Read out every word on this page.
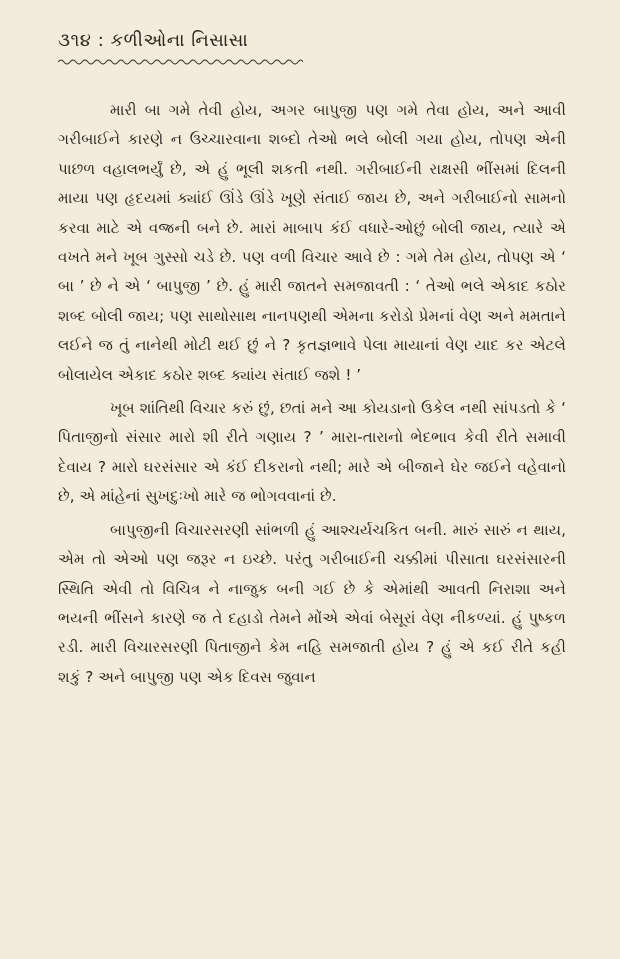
૩૧૪ : કળીઓના નિસાસા

મારી બા ગમે તેવી હોય, અગર બાપુજી પણ ગમે તેવા હોય, અને આવી ગરીબાઈને કારણે ન ઉચ્ચારવાના શબ્દો તેઓ ભલે બોલી ગયા હોય, તોપણ એની પાછળ વહાલભર્યું છે, એ હું ભૂલી શકતી નથી. ગરીબાઈની રાક્ષસી ભીંસમાં દિલની માયા પણ હૃદયમાં ક્યાંઈ ઊંડે ઊંડે ખૂણે સંતાઈ જાય છે, અને ગરીબાઈનો સામનો કરવા માટે એ વજ્રની બને છે. મારાં માબાપ કંઈ વધારે-ઓછું બોલી જાય, ત્યારે એ વખતે મને ખૂબ ગુસ્સો ચડે છે. પણ વળી વિચાર આવે છે : ગમે તેમ હોય, તોપણ એ ‘ બા ’ છે ને એ ‘ બાપુજી ’ છે. હું મારી જાતને સમજાવતી : ‘ તેઓ ભલે એકાદ કઠોર શબ્દ બોલી જાય; પણ સાથોસાથ નાનપણથી એમના કરોડો પ્રેમનાં વેણ અને મમતાને લઈને જ તું નાનેથી મોટી થઈ છું ને ? કૃતજ્ઞભાવે પેલા માયાનાં વેણ યાદ કર એટલે બોલાયેલ એકાદ કઠોર શબ્દ ક્યાંય સંતાઈ જશે ! ’

ખૂબ શાંતિથી વિચાર કરું છું, છતાં મને આ કોયડાનો ઉકેલ નથી સાંપડતો કે ‘ પિતાજીનો સંસાર મારો શી રીતે ગણાય ? ’ મારા-તારાનો ભેદભાવ કેવી રીતે સમાવી દેવાય ? મારો ઘરસંસાર એ કંઈ દીકરાનો નથી; મારે એ બીજાને ઘેર જઈને વહેવાનો છે, એ માંહેનાં સુખદુઃખો મારે જ ભોગવવાનાં છે.

બાપુજીની વિચારસરણી સાંભળી હું આશ્ચર્યચકિત બની. મારું સારું ન થાય, એમ તો એઓ પણ જરૂર ન ઇચ્છે. પરંતુ ગરીબાઈની ચક્કીમાં પીસાતા ઘરસંસારની સ્થિતિ એવી તો વિચિત્ર ને નાજુક બની ગઈ છે કે એમાંથી આવતી નિરાશા અને ભયની ભીંસને કારણે જ તે દહાડો તેમને મોંએ એવાં બેસૂરાં વેણ નીકળ્યાં. હું પુષ્કળ રડી. મારી વિચારસરણી પિતાજીને કેમ નહિ સમજાતી હોય ? હું એ કઈ રીતે કહી શકું ? અને બાપુજી પણ એક દિવસ જુવાન
